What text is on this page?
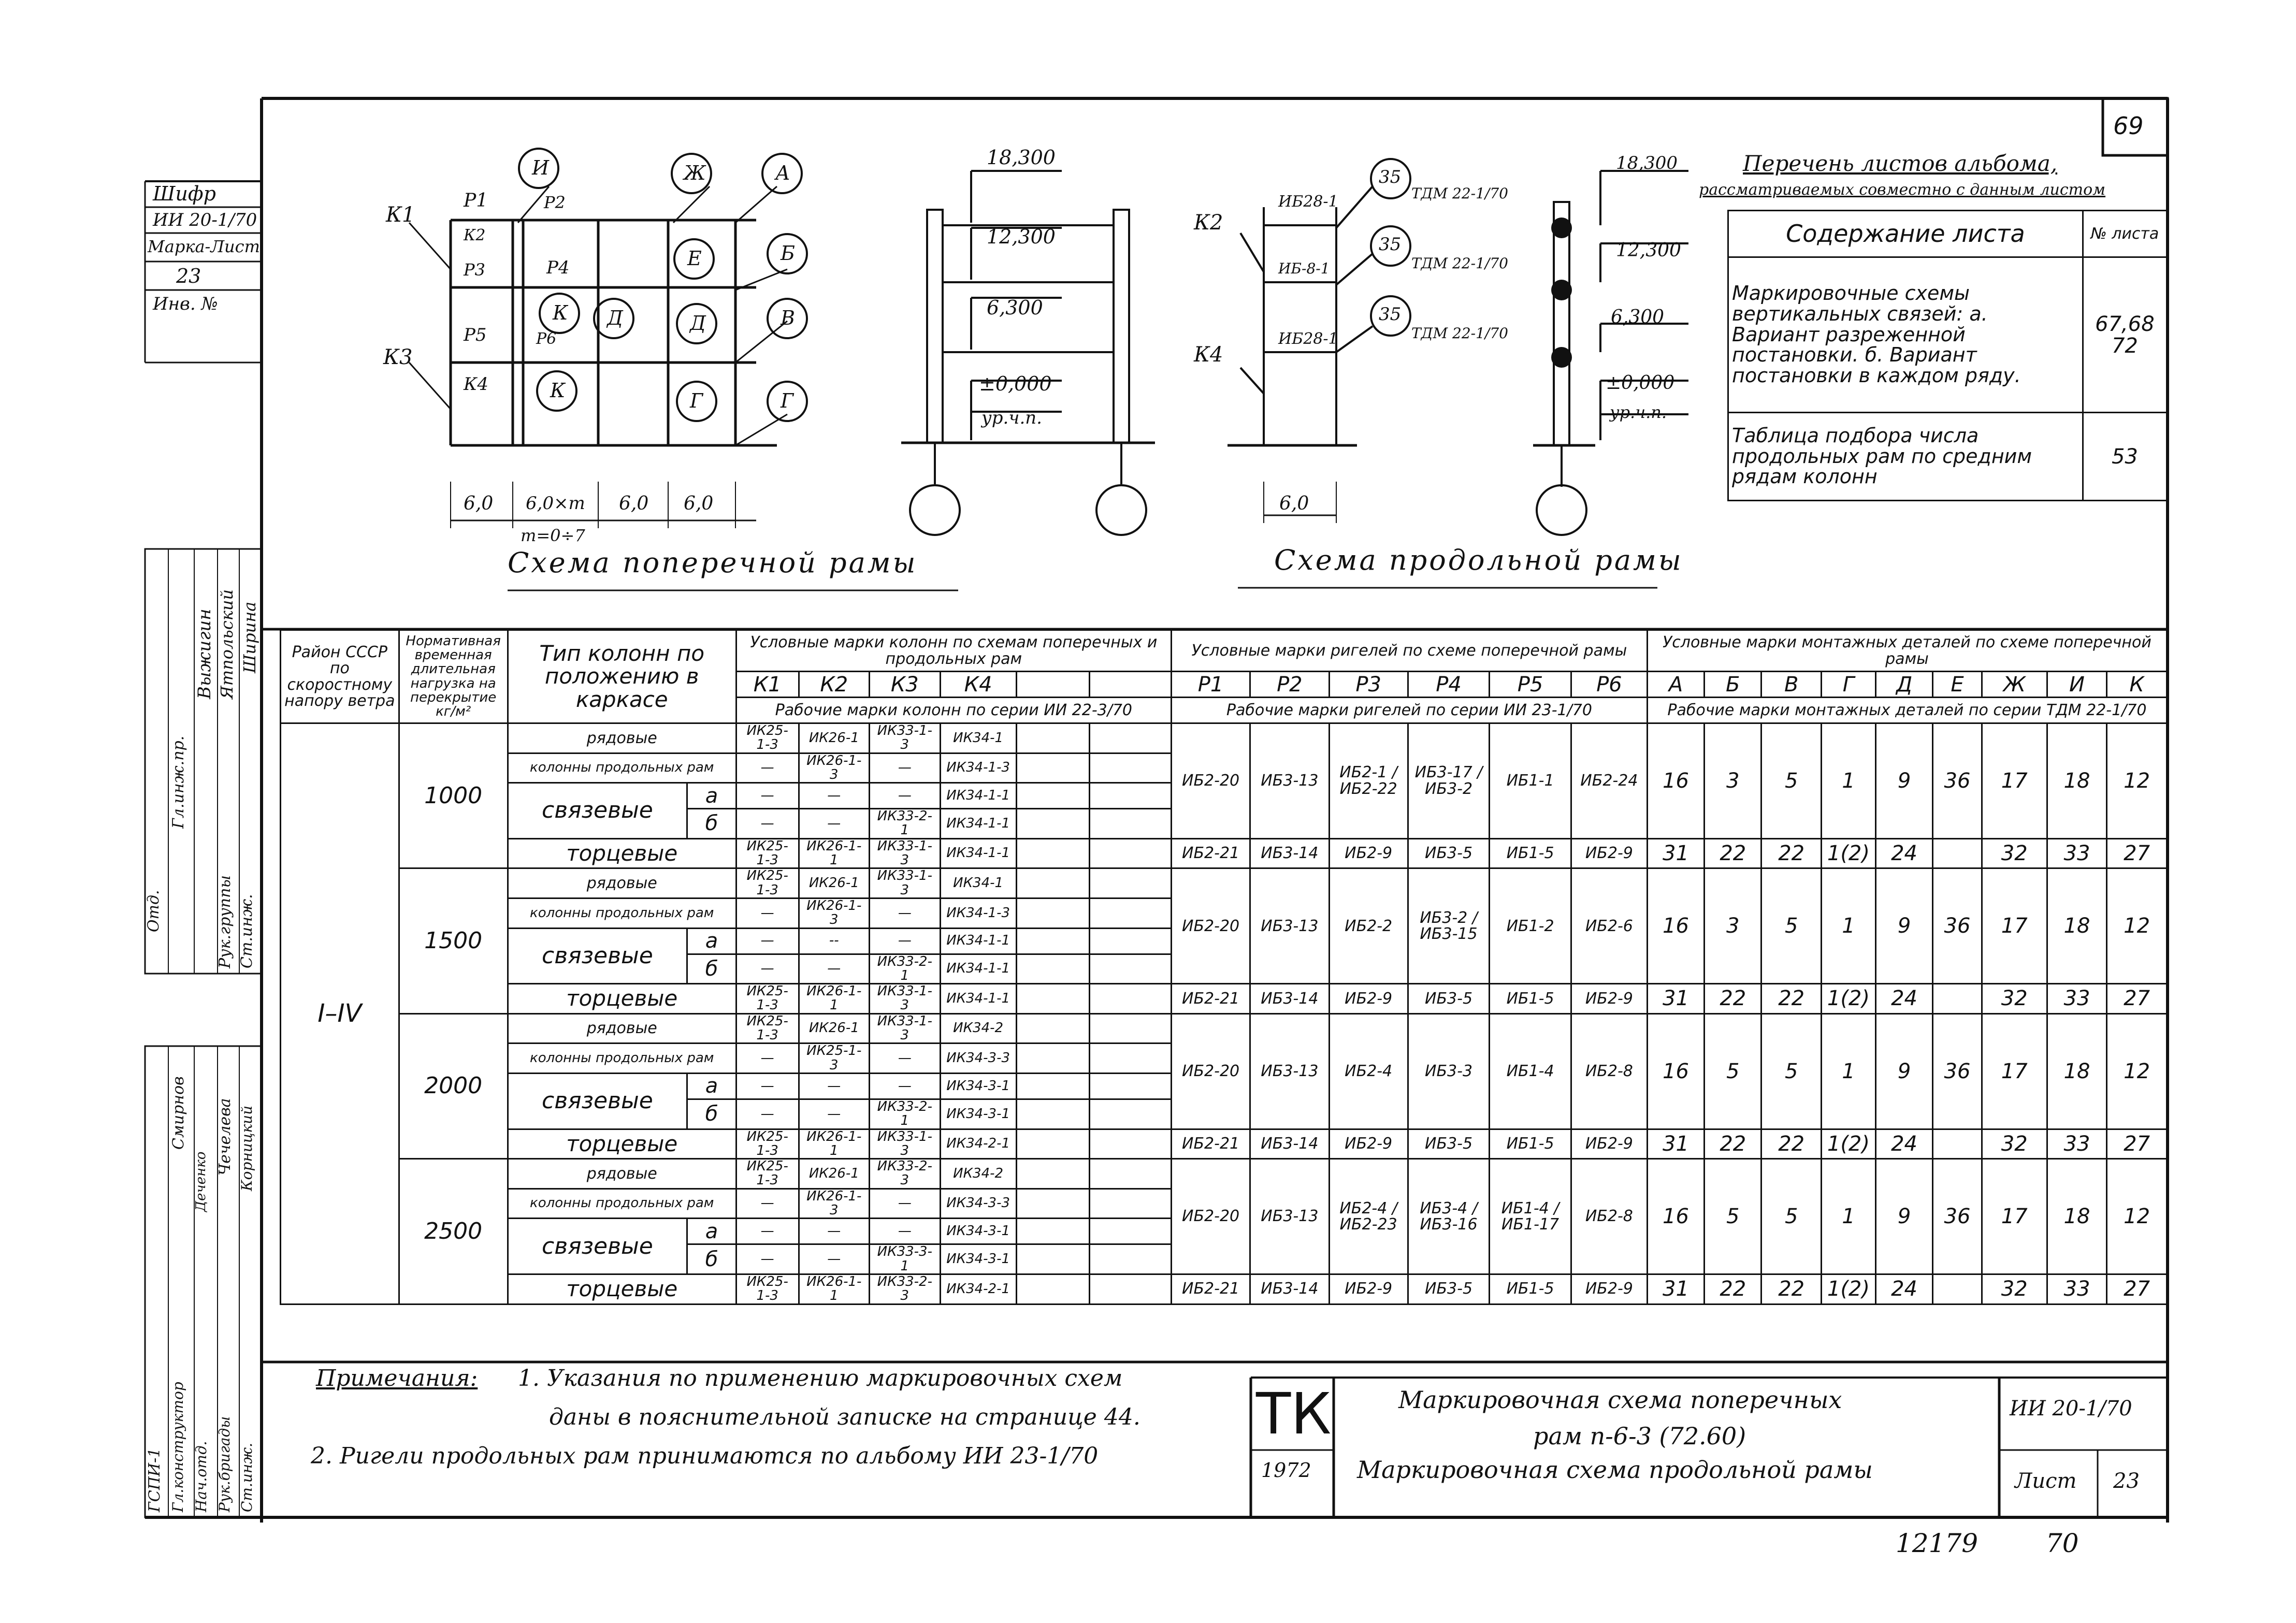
69
Шифр
ИИ 20-1/70
Марка-Лист
23
Инв. №
Отд.
Гл.инж.пр.
Выжигин Ятпольский Ширина
Рук.группы Ст.инж.
ГСПИ-1 Гл.конструктор Нач.отд. Рук.бригады Ст.инж.
Смирнов
Деченко
Чечелева Корницкий
К1
Р1
К2
Р3
Р2
Р4
Р5	Р6
К3
К4
И	Ж	А
Е	Б
К Д	Д	В
К	Г	Г
6,0 6,0×m 6,0 6,0
m=0÷7
Схема поперечной рамы
18,300
12,300
6,300
±0,000
ур.ч.п.
К2
К4
ИБ28-1
ИБ-8-1
ИБ28-1
35
35
35
ТДМ 22-1/70
ТДМ 22-1/70
ТДМ 22-1/70
18,300
12,300
6,300
±0,000
ур.ч.п.
6,0
Схема продольной рамы
Перечень листов альбома,
рассматриваемых совместно с данным листом
Содержание листа	№ листа
Маркировочные схемы вертикальных связей: а. Вариант разреженной постановки. б. Вариант постановки в каждом ряду.	67,68
72
Таблица подбора числа продольных рам по средним рядам колонн	53
Район СССР по скоростному напору ветра	Нормативная временная длительная нагрузка на перекрытие кг/м²	Тип колонн по положению в каркасе		Условные марки колонн по схемам поперечных и продольных рам						Условные марки ригелей по схеме поперечной рамы						Условные марки монтажных деталей по схеме поперечной рамы								
				К1	К2	К3	К4			Р1	Р2	Р3	Р4	Р5	Р6	А	Б	В	Г	Д	Е	Ж	И	К
				Рабочие марки колонн по серии ИИ 22-3/70						Рабочие марки ригелей по серии ИИ 23-1/70						Рабочие марки монтажных деталей по серии ТДМ 22-1/70								
I–IV	1000	рядовые		ИК25-1-3	ИК26-1	ИК33-1-3	ИК34-1			ИБ2-20	ИБ3-13	ИБ2-1 / ИБ2-22	ИБ3-17 / ИБ3-2	ИБ1-1	ИБ2-24	16	3	5	1	9	36	17	18	12
		колонны продольных рам		—	ИК26-1-3	—	ИК34-1-3																	
		связевые	а	—	—	—	ИК34-1-1																	
			б	—	—	ИК33-2-1	ИК34-1-1																	
		торцевые		ИК25-1-3	ИК26-1-1	ИК33-1-3	ИК34-1-1			ИБ2-21	ИБ3-14	ИБ2-9	ИБ3-5	ИБ1-5	ИБ2-9	31	22	22	1(2)	24		32	33	27
	1500	рядовые		ИК25-1-3	ИК26-1	ИК33-1-3	ИК34-1			ИБ2-20	ИБ3-13	ИБ2-2	ИБ3-2 / ИБ3-15	ИБ1-2	ИБ2-6	16	3	5	1	9	36	17	18	12
		колонны продольных рам		—	ИК26-1-3	—	ИК34-1-3																	
		связевые	а	—	--	—	ИК34-1-1																	
			б	—	—	ИК33-2-1	ИК34-1-1																	
		торцевые		ИК25-1-3	ИК26-1-1	ИК33-1-3	ИК34-1-1			ИБ2-21	ИБ3-14	ИБ2-9	ИБ3-5	ИБ1-5	ИБ2-9	31	22	22	1(2)	24		32	33	27
	2000	рядовые		ИК25-1-3	ИК26-1	ИК33-1-3	ИК34-2			ИБ2-20	ИБ3-13	ИБ2-4	ИБ3-3	ИБ1-4	ИБ2-8	16	5	5	1	9	36	17	18	12
		колонны продольных рам		—	ИК25-1-3	—	ИК34-3-3																	
		связевые	а	—	—	—	ИК34-3-1																	
			б	—	—	ИК33-2-1	ИК34-3-1																	
		торцевые		ИК25-1-3	ИК26-1-1	ИК33-1-3	ИК34-2-1			ИБ2-21	ИБ3-14	ИБ2-9	ИБ3-5	ИБ1-5	ИБ2-9	31	22	22	1(2)	24		32	33	27
	2500	рядовые		ИК25-1-3	ИК26-1	ИК33-2-3	ИК34-2			ИБ2-20	ИБ3-13	ИБ2-4 / ИБ2-23	ИБ3-4 / ИБ3-16	ИБ1-4 / ИБ1-17	ИБ2-8	16	5	5	1	9	36	17	18	12
		колонны продольных рам		—	ИК26-1-3	—	ИК34-3-3																	
		связевые	а	—	—	—	ИК34-3-1																	
			б	—	—	ИК33-3-1	ИК34-3-1																	
		торцевые		ИК25-1-3	ИК26-1-1	ИК33-2-3	ИК34-2-1			ИБ2-21	ИБ3-14	ИБ2-9	ИБ3-5	ИБ1-5	ИБ2-9	31	22	22	1(2)	24		32	33	27
Примечания: 1. Указания по применению маркировочных схем
даны в пояснительной записке на странице 44.
2. Ригели продольных рам принимаются по альбому ИИ 23-1/70
ТК
1972
Маркировочная схема поперечных
рам п-6-3 (72.60)
Маркировочная схема продольной рамы
ИИ 20-1/70
Лист 23
12179	70
